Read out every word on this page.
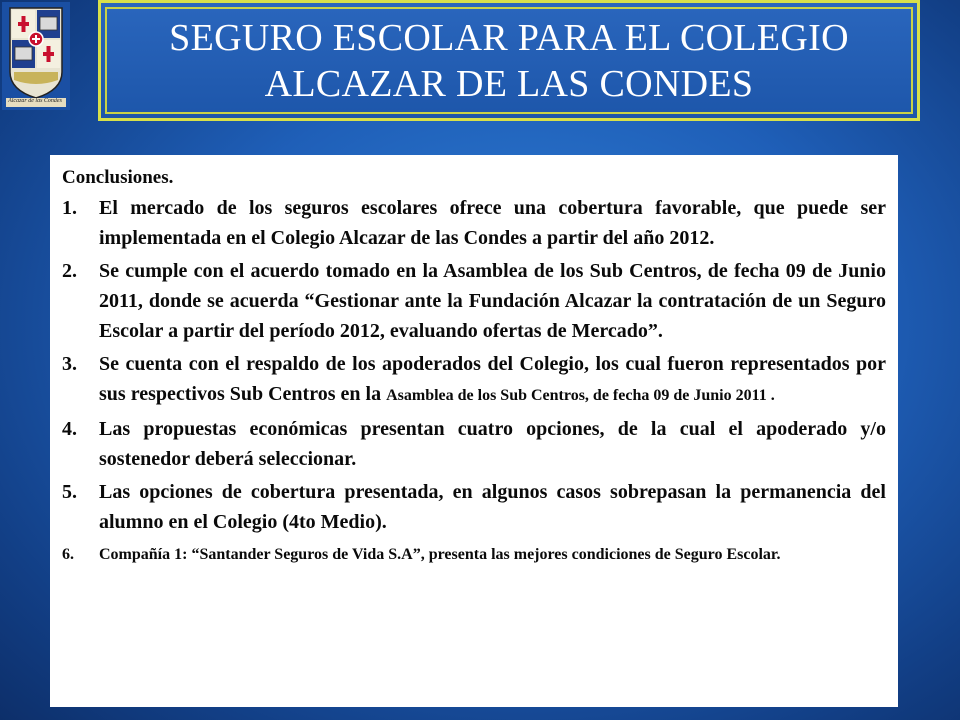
Alcazar de las Condes
SEGURO ESCOLAR PARA EL COLEGIO
ALCAZAR DE LAS CONDES
Conclusiones.
1. El mercado de los seguros escolares ofrece una cobertura favorable, que puede ser implementada en el Colegio Alcazar de las Condes a partir del año 2012.
2. Se cumple con el acuerdo tomado en la Asamblea de los Sub Centros, de fecha 09 de Junio 2011, donde se acuerda “Gestionar ante la Fundación Alcazar la contratación de un Seguro Escolar a partir del período 2012, evaluando ofertas de Mercado”.
3. Se cuenta con el respaldo de los apoderados del Colegio, los cual fueron representados por sus respectivos Sub Centros en la Asamblea de los Sub Centros, de fecha 09 de Junio 2011 .
4. Las propuestas económicas presentan cuatro opciones, de la cual el apoderado y/o sostenedor deberá seleccionar.
5. Las opciones de cobertura presentada, en algunos casos sobrepasan la permanencia del alumno en el Colegio (4to Medio).
6. Compañía 1: “Santander Seguros de Vida S.A”, presenta las mejores condiciones de Seguro Escolar.
